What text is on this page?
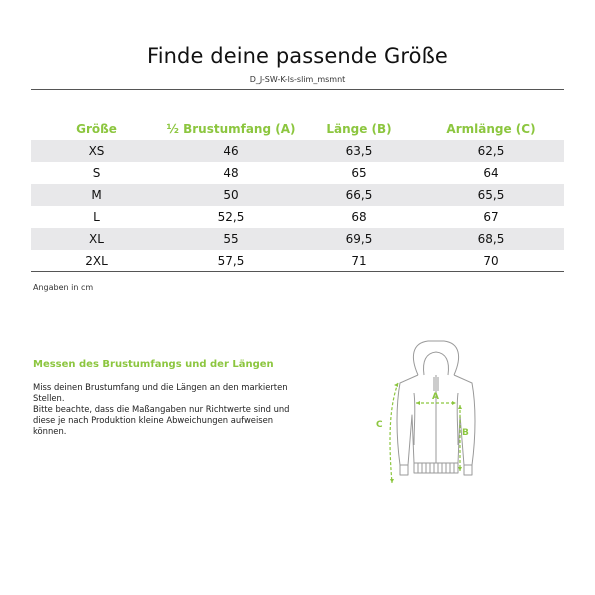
Finde deine passende Größe
D_J-SW-K-ls-slim_msmnt
Größe	½ Brustumfang (A)	Länge (B)	Armlänge (C)
XS	46	63,5	62,5
S	48	65	64
M	50	66,5	65,5
L	52,5	68	67
XL	55	69,5	68,5
2XL	57,5	71	70
Angaben in cm
Messen des Brustumfangs und der Längen

Miss deinen Brustumfang und die Längen an den markierten

Stellen.

Bitte beachte, dass die Maßangaben nur Richtwerte sind und

diese je nach Produktion kleine Abweichungen aufweisen

können.

A
B
C
